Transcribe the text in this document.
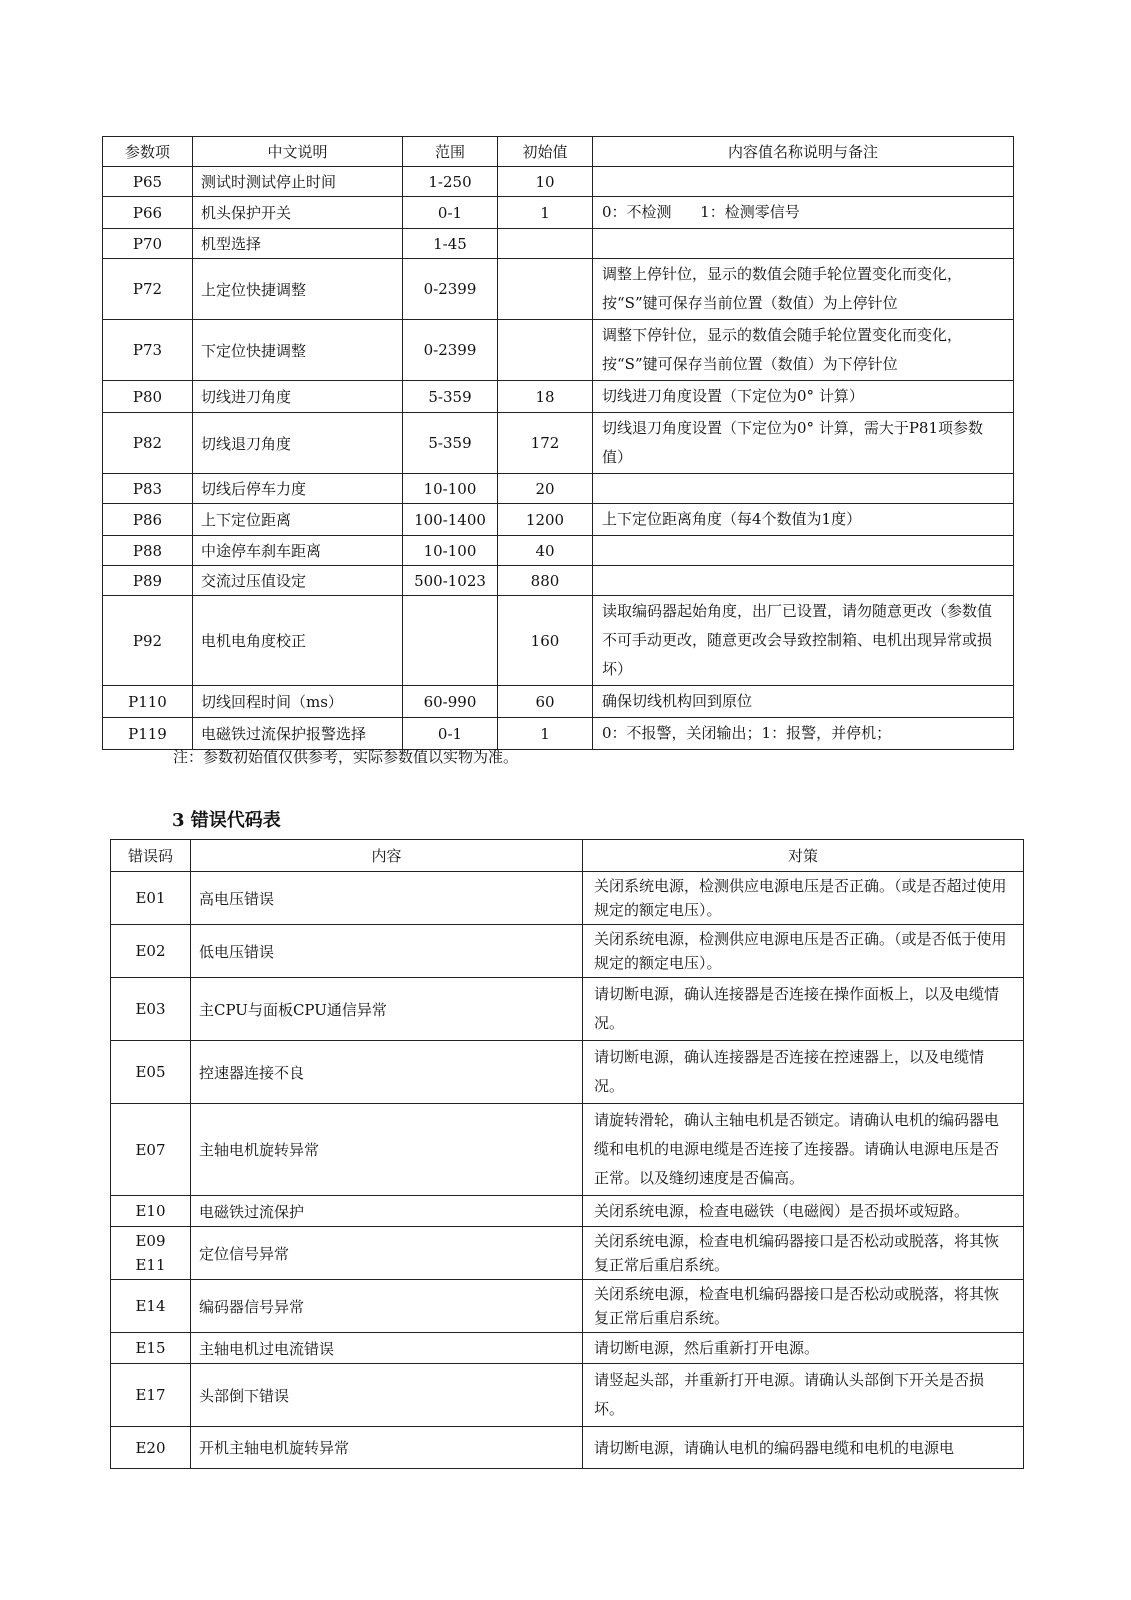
参数项	中文说明	范围	初始值	内容值名称说明与备注
P65	测试时测试停止时间	1-250	10	
P66	机头保护开关	0-1	1	0：不检测      1：检测零信号
P70	机型选择	1-45		
P72	上定位快捷调整	0-2399		调整上停针位，显示的数值会随手轮位置变化而变化，按“S”键可保存当前位置（数值）为上停针位
P73	下定位快捷调整	0-2399		调整下停针位，显示的数值会随手轮位置变化而变化，按“S”键可保存当前位置（数值）为下停针位
P80	切线进刀角度	5-359	18	切线进刀角度设置（下定位为0° 计算）
P82	切线退刀角度	5-359	172	切线退刀角度设置（下定位为0° 计算，需大于P81项参数值）
P83	切线后停车力度	10-100	20	
P86	上下定位距离	100-1400	1200	上下定位距离角度（每4个数值为1度）
P88	中途停车刹车距离	10-100	40	
P89	交流过压值设定	500-1023	880	
P92	电机电角度校正		160	读取编码器起始角度，出厂已设置，请勿随意更改（参数值不可手动更改，随意更改会导致控制箱、电机出现异常或损坏）
P110	切线回程时间（ms）	60-990	60	确保切线机构回到原位
P119	电磁铁过流保护报警选择	0-1	1	0：不报警，关闭输出；1：报警，并停机；
注：参数初始值仅供参考，实际参数值以实物为准。
3 错误代码表
错误码	内容	对策
E01	高电压错误	关闭系统电源，检测供应电源电压是否正确。（或是否超过使用规定的额定电压）。
E02	低电压错误	关闭系统电源，检测供应电源电压是否正确。（或是否低于使用规定的额定电压）。
E03	主CPU与面板CPU通信异常	请切断电源，确认连接器是否连接在操作面板上，以及电缆情况。
E05	控速器连接不良	请切断电源，确认连接器是否连接在控速器上，以及电缆情况。
E07	主轴电机旋转异常	请旋转滑轮，确认主轴电机是否锁定。请确认电机的编码器电缆和电机的电源电缆是否连接了连接器。请确认电源电压是否正常。以及缝纫速度是否偏高。
E10	电磁铁过流保护	关闭系统电源，检查电磁铁（电磁阀）是否损坏或短路。
E09
E11	定位信号异常	关闭系统电源，检查电机编码器接口是否松动或脱落，将其恢复正常后重启系统。
E14	编码器信号异常	关闭系统电源，检查电机编码器接口是否松动或脱落，将其恢复正常后重启系统。
E15	主轴电机过电流错误	请切断电源，然后重新打开电源。
E17	头部倒下错误	请竖起头部，并重新打开电源。请确认头部倒下开关是否损坏。
E20	开机主轴电机旋转异常	请切断电源，请确认电机的编码器电缆和电机的电源电
